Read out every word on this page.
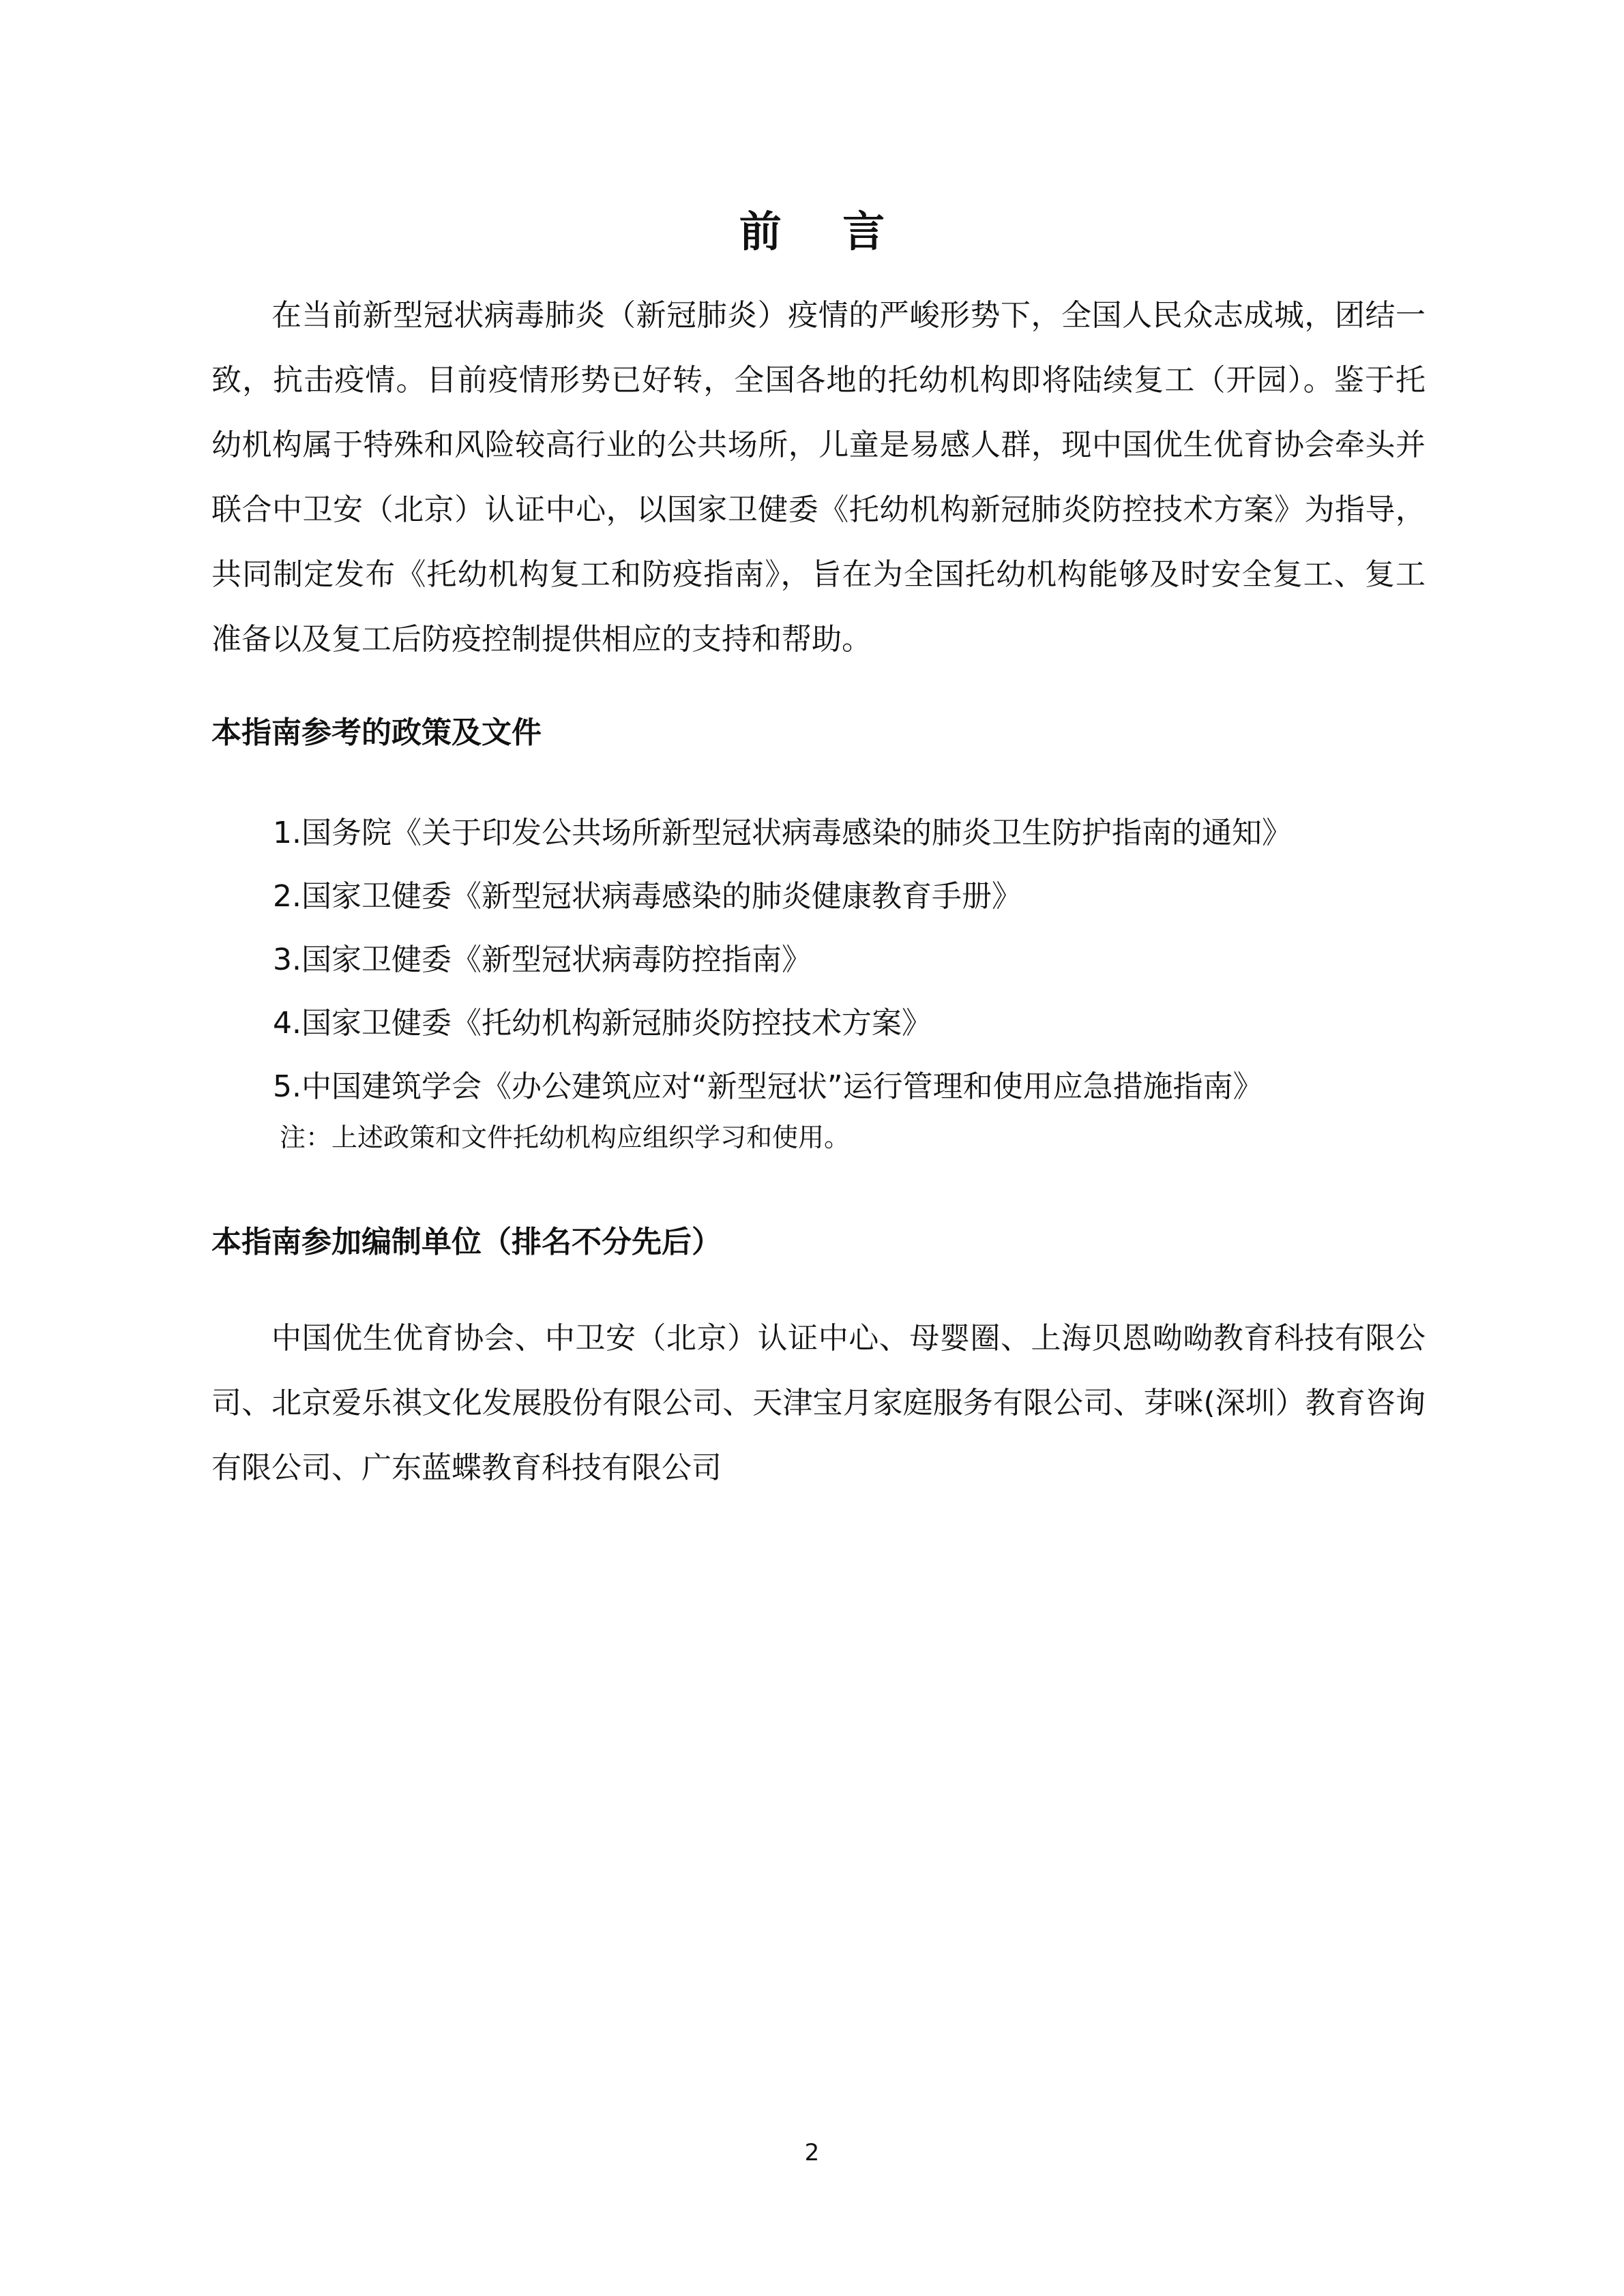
前 言

在当前新型冠状病毒肺炎（新冠肺炎）疫情的严峻形势下，全国人民众志成城，团结一致，抗击疫情。目前疫情形势已好转，全国各地的托幼机构即将陆续复工（开园）。鉴于托幼机构属于特殊和风险较高行业的公共场所，儿童是易感人群，现中国优生优育协会牵头并联合中卫安（北京）认证中心，以国家卫健委《托幼机构新冠肺炎防控技术方案》为指导，共同制定发布《托幼机构复工和防疫指南》，旨在为全国托幼机构能够及时安全复工、复工准备以及复工后防疫控制提供相应的支持和帮助。

本指南参考的政策及文件
1.国务院《关于印发公共场所新型冠状病毒感染的肺炎卫生防护指南的通知》
2.国家卫健委《新型冠状病毒感染的肺炎健康教育手册》
3.国家卫健委《新型冠状病毒防控指南》
4.国家卫健委《托幼机构新冠肺炎防控技术方案》
5.中国建筑学会《办公建筑应对“新型冠状”运行管理和使用应急措施指南》
注：上述政策和文件托幼机构应组织学习和使用。
本指南参加编制单位（排名不分先后）

中国优生优育协会、中卫安（北京）认证中心、母婴圈、上海贝恩呦呦教育科技有限公司、北京爱乐祺文化发展股份有限公司、天津宝月家庭服务有限公司、芽咪(深圳）教育咨询有限公司、广东蓝蝶教育科技有限公司

2
